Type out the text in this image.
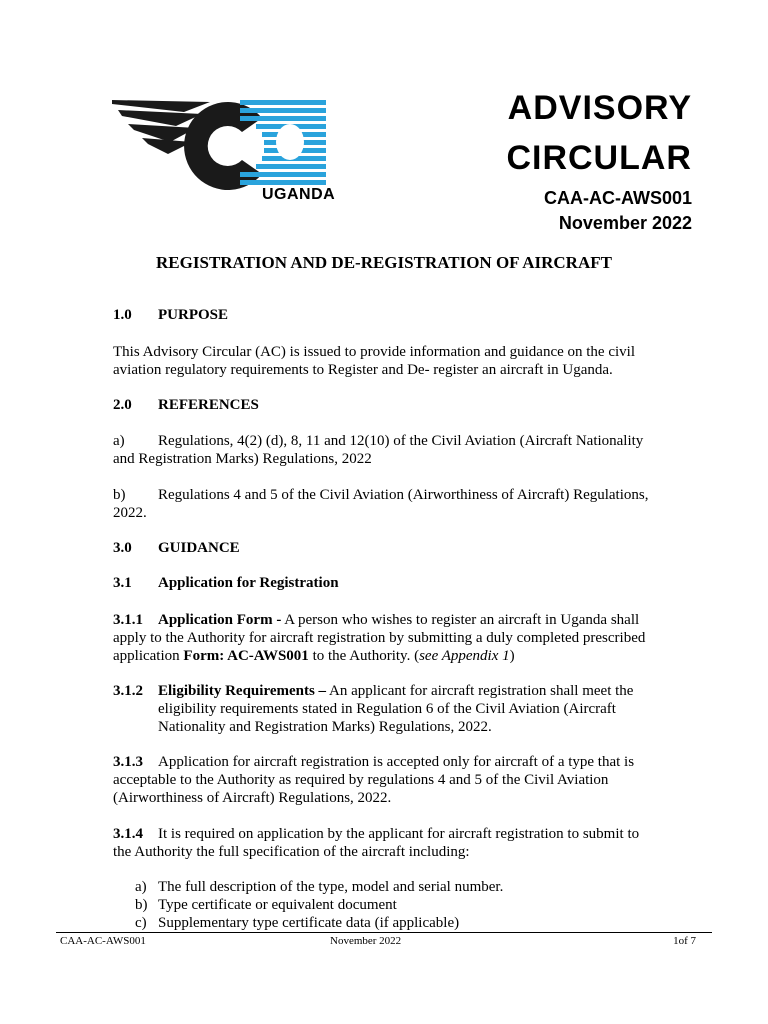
UGANDA
ADVISORY
CIRCULAR
CAA-AC-AWS001
November 2022
REGISTRATION AND DE-REGISTRATION OF AIRCRAFT
1.0 PURPOSE
This Advisory Circular (AC) is issued to provide information and guidance on the civil
aviation regulatory requirements to Register and De- register an aircraft in Uganda.
2.0 REFERENCES
a) Regulations, 4(2) (d), 8, 11 and 12(10) of the Civil Aviation (Aircraft Nationality
and Registration Marks) Regulations, 2022
b) Regulations 4 and 5 of the Civil Aviation (Airworthiness of Aircraft) Regulations,
2022.
3.0 GUIDANCE
3.1 Application for Registration
3.1.1 Application Form - A person who wishes to register an aircraft in Uganda shall
apply to the Authority for aircraft registration by submitting a duly completed prescribed
application Form: AC-AWS001 to the Authority. (see Appendix 1)
3.1.2 Eligibility Requirements – An applicant for aircraft registration shall meet the
eligibility requirements stated in Regulation 6 of the Civil Aviation (Aircraft
Nationality and Registration Marks) Regulations, 2022.
3.1.3 Application for aircraft registration is accepted only for aircraft of a type that is
acceptable to the Authority as required by regulations 4 and 5 of the Civil Aviation
(Airworthiness of Aircraft) Regulations, 2022.
3.1.4 It is required on application by the applicant for aircraft registration to submit to
the Authority the full specification of the aircraft including:
a) The full description of the type, model and serial number.
b) Type certificate or equivalent document
c) Supplementary type certificate data (if applicable)
CAA-AC-AWS001	November 2022	1of 7
